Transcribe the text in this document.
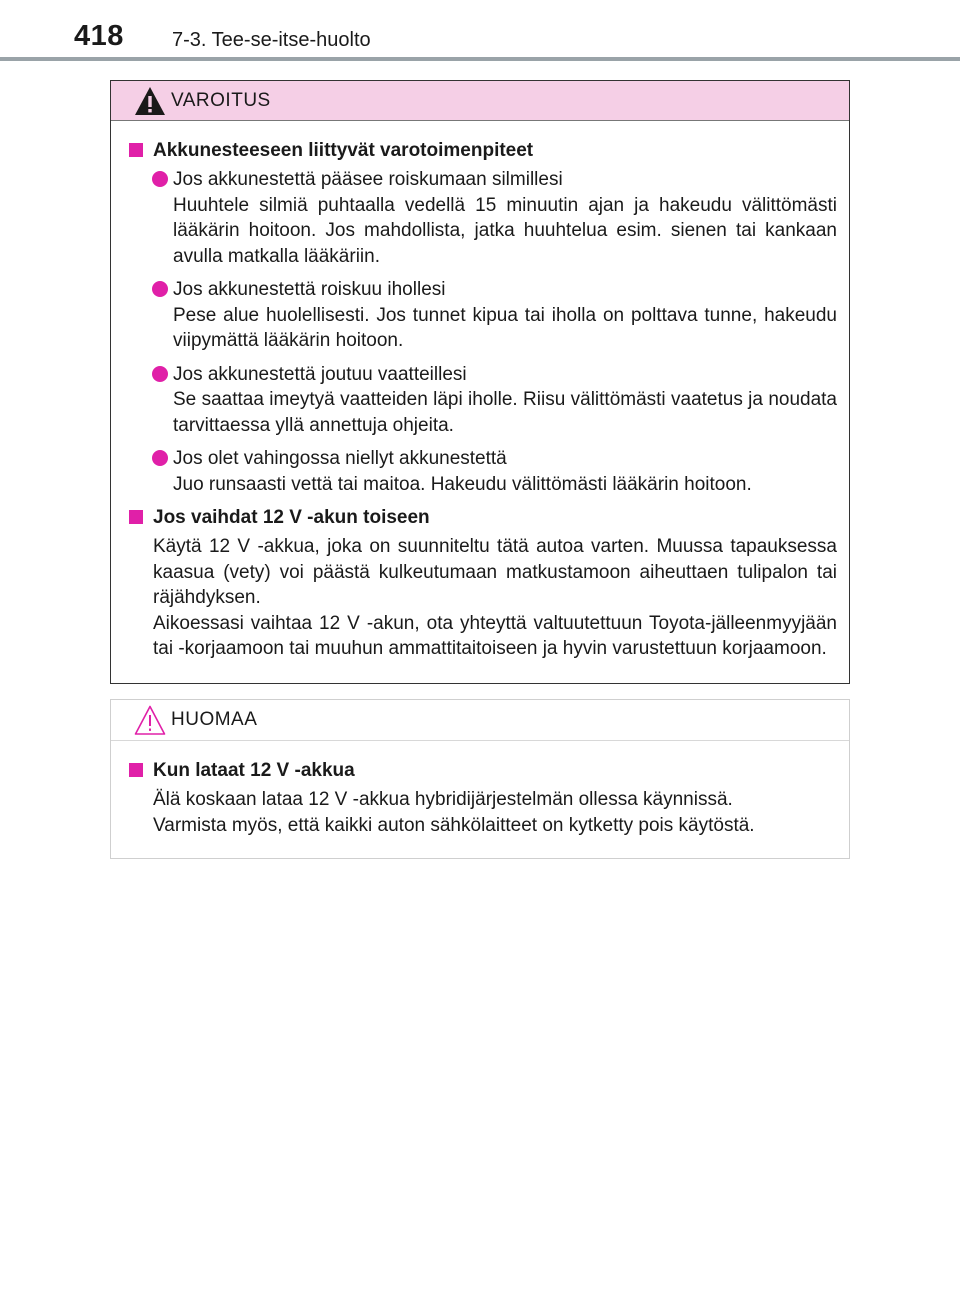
418 7-3. Tee-se-itse-huolto
VAROITUS
Akkunesteeseen liittyvät varotoimenpiteet
Jos akkunestettä pääsee roiskumaan silmillesi
Huuhtele silmiä puhtaalla vedellä 15 minuutin ajan ja hakeudu välittömästi lääkärin hoitoon. Jos mahdollista, jatka huuhtelua esim. sienen tai kankaan avulla matkalla lääkäriin.
Jos akkunestettä roiskuu ihollesi
Pese alue huolellisesti. Jos tunnet kipua tai iholla on polttava tunne, hakeudu viipymättä lääkärin hoitoon.
Jos akkunestettä joutuu vaatteillesi
Se saattaa imeytyä vaatteiden läpi iholle. Riisu välittömästi vaatetus ja noudata tarvittaessa yllä annettuja ohjeita.
Jos olet vahingossa niellyt akkunestettä
Juo runsaasti vettä tai maitoa. Hakeudu välittömästi lääkärin hoitoon.
Jos vaihdat 12 V -akun toiseen
Käytä 12 V -akkua, joka on suunniteltu tätä autoa varten. Muussa tapauksessa kaasua (vety) voi päästä kulkeutumaan matkustamoon aiheuttaen tulipalon tai räjähdyksen.
Aikoessasi vaihtaa 12 V -akun, ota yhteyttä valtuutettuun Toyota-jälleenmyyjään tai -korjaamoon tai muuhun ammattitaitoiseen ja hyvin varustettuun korjaamoon.
HUOMAA
Kun lataat 12 V -akkua
Älä koskaan lataa 12 V -akkua hybridijärjestelmän ollessa käynnissä.
Varmista myös, että kaikki auton sähkölaitteet on kytketty pois käytöstä.
